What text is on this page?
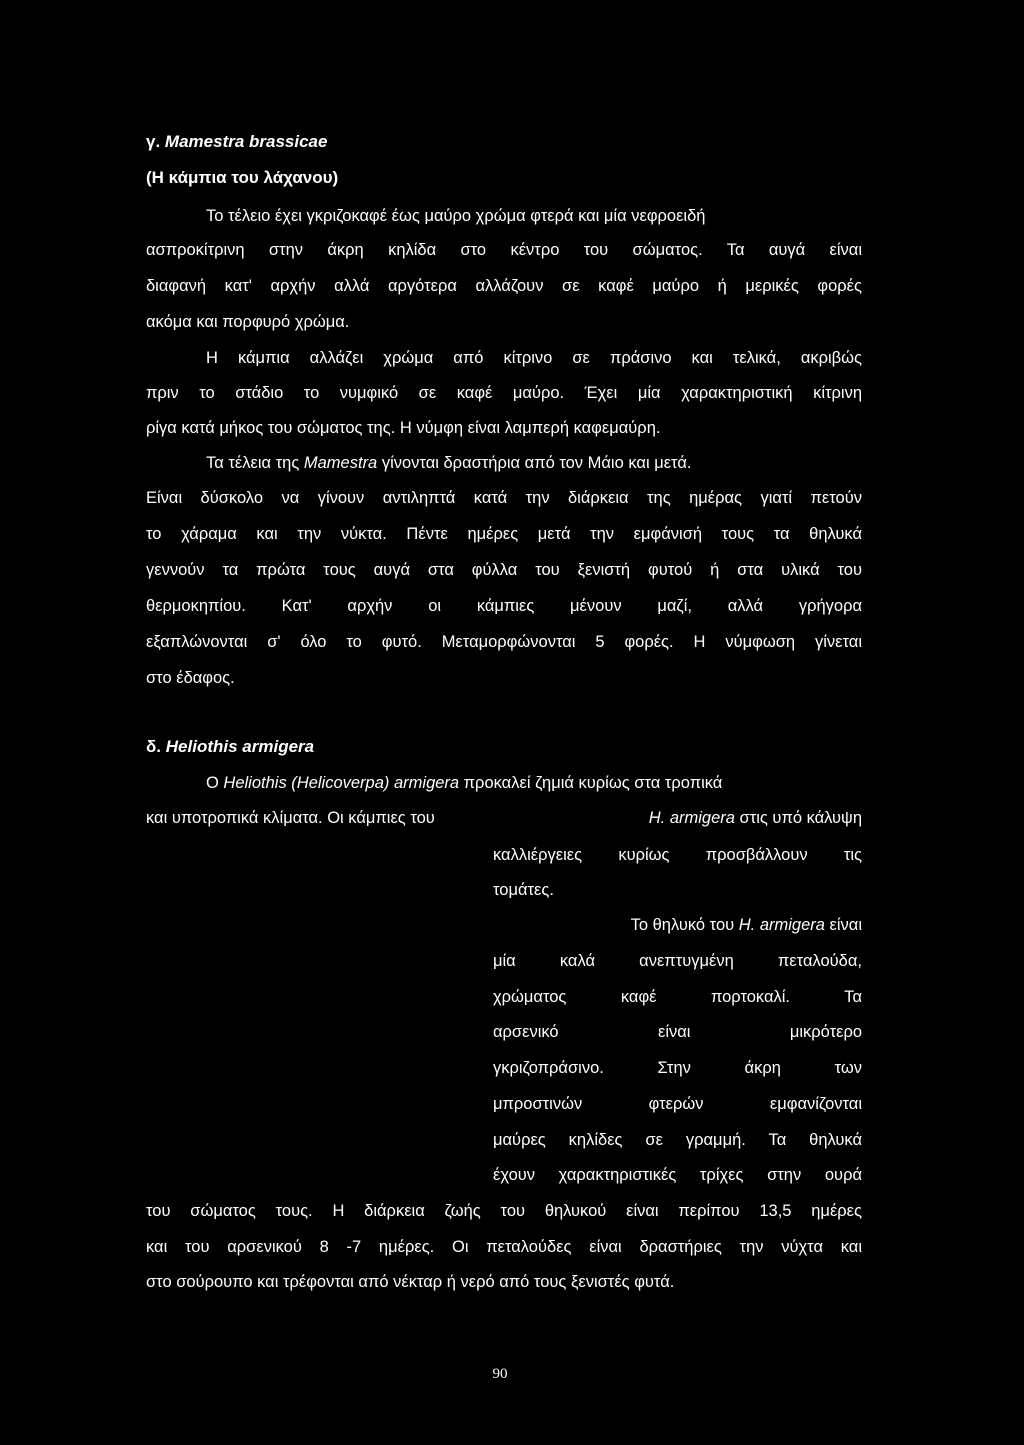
γ. Mamestra brassicae
(Η κάμπια του λάχανου)
Το τέλειο έχει γκριζοκαφέ έως μαύρο χρώμα φτερά και μία νεφροειδή
ασπροκίτρινη στην άκρη κηλίδα στο κέντρο του σώματος. Τα αυγά είναι
διαφανή κατ' αρχήν αλλά αργότερα αλλάζουν σε καφέ μαύρο ή μερικές φορές
ακόμα και πορφυρό χρώμα.
Η κάμπια αλλάζει χρώμα από κίτρινο σε πράσινο και τελικά, ακριβώς
πριν το στάδιο το νυμφικό σε καφέ μαύρο. Έχει μία χαρακτηριστική κίτρινη
ρίγα κατά μήκος του σώματος της. Η νύμφη είναι λαμπερή καφεμαύρη.
Τα τέλεια της Mamestra γίνονται δραστήρια από τον Μάιο και μετά.
Είναι δύσκολο να γίνουν αντιληπτά κατά την διάρκεια της ημέρας γιατί πετούν
το χάραμα και την νύκτα. Πέντε ημέρες μετά την εμφάνισή τους τα θηλυκά
γεννούν τα πρώτα τους αυγά στα φύλλα του ξενιστή φυτού ή στα υλικά του
θερμοκηπίου. Κατ' αρχήν οι κάμπιες μένουν μαζί, αλλά γρήγορα
εξαπλώνονται σ' όλο το φυτό. Μεταμορφώνονται 5 φορές. Η νύμφωση γίνεται
στο έδαφος.
δ. Heliothis armigera
Ο Heliothis (Helicoverpa) armigera προκαλεί ζημιά κυρίως στα τροπικά
και υποτροπικά κλίματα. Οι κάμπιες του	Η. armigera στις υπό κάλυψη
καλλιέργειες κυρίως προσβάλλουν τις
τομάτες.
Το θηλυκό του Η. armigera είναι
μία καλά ανεπτυγμένη πεταλούδα,
χρώματος καφέ πορτοκαλί. Τα
αρσενικό είναι μικρότερο
γκριζοπράσινο. Στην άκρη των
μπροστινών φτερών εμφανίζονται
μαύρες κηλίδες σε γραμμή. Τα θηλυκά
έχουν χαρακτηριστικές τρίχες στην ουρά
του σώματος τους. Η διάρκεια ζωής του θηλυκού είναι περίπου 13,5 ημέρες
και του αρσενικού 8 -7 ημέρες. Οι πεταλούδες είναι δραστήριες την νύχτα και
στο σούρουπο και τρέφονται από νέκταρ ή νερό από τους ξενιστές φυτά.
90
